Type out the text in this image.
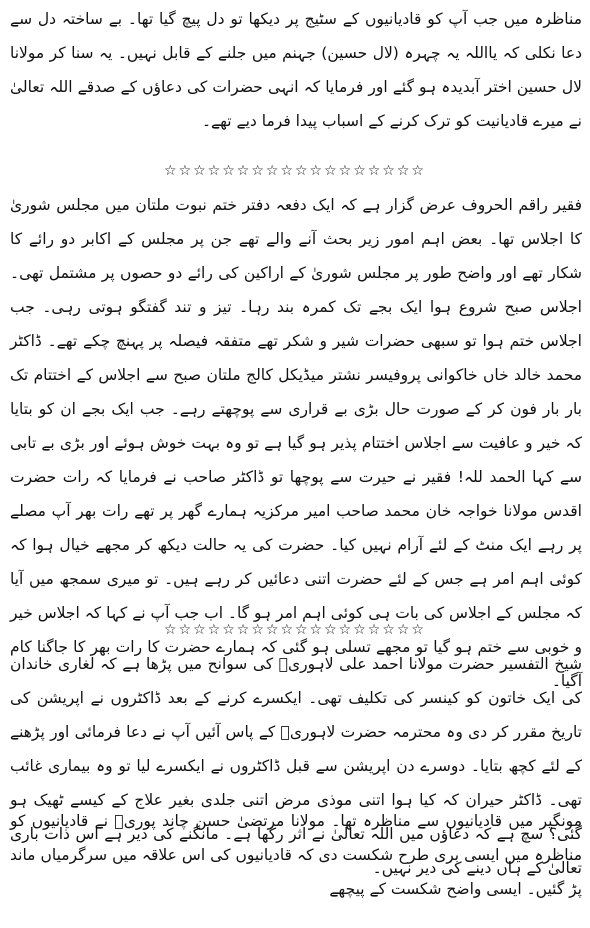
مناظرہ میں جب آپ کو قادیانیوں کے سٹیج پر دیکھا تو دل پیچ گیا تھا۔ بے ساختہ دل سے دعا نکلی کہ یااللہ یہ چہرہ (لال حسین) جہنم میں جلنے کے قابل نہیں۔ یہ سنا کر مولانا لال حسین اختر آبدیدہ ہو گئے اور فرمایا کہ انہی حضرات کی دعاؤں کے صدقے اللہ تعالیٰ نے میرے قادیانیت کو ترک کرنے کے اسباب پیدا فرما دیے تھے۔
☆☆☆☆☆☆☆☆☆☆☆☆☆☆☆☆☆☆
فقیر راقم الحروف عرض گزار ہے کہ ایک دفعہ دفتر ختم نبوت ملتان میں مجلس شوریٰ کا اجلاس تھا۔ بعض اہم امور زیر بحث آنے والے تھے جن پر مجلس کے اکابر دو رائے کا شکار تھے اور واضح طور پر مجلس شوریٰ کے اراکین کی رائے دو حصوں پر مشتمل تھی۔ اجلاس صبح شروع ہوا ایک بجے تک کمرہ بند رہا۔ تیز و تند گفتگو ہوتی رہی۔ جب اجلاس ختم ہوا تو سبھی حضرات شیر و شکر تھے متفقہ فیصلہ پر پہنچ چکے تھے۔ ڈاکٹر محمد خالد خاں خاکوانی پروفیسر نشتر میڈیکل کالج ملتان صبح سے اجلاس کے اختتام تک بار بار فون کر کے صورت حال بڑی بے قراری سے پوچھتے رہے۔ جب ایک بجے ان کو بتایا کہ خیر و عافیت سے اجلاس اختتام پذیر ہو گیا ہے تو وہ بہت خوش ہوئے اور بڑی بے تابی سے کہا الحمد للہ! فقیر نے حیرت سے پوچھا تو ڈاکٹر صاحب نے فرمایا کہ رات حضرت اقدس مولانا خواجہ خان محمد صاحب امیر مرکزیہ ہمارے گھر پر تھے رات بھر آپ مصلے پر رہے ایک منٹ کے لئے آرام نہیں کیا۔ حضرت کی یہ حالت دیکھ کر مجھے خیال ہوا کہ کوئی اہم امر ہے جس کے لئے حضرت اتنی دعائیں کر رہے ہیں۔ تو میری سمجھ میں آیا کہ مجلس کے اجلاس کی بات ہی کوئی اہم امر ہو گا۔ اب جب آپ نے کہا کہ اجلاس خیر و خوبی سے ختم ہو گیا تو مجھے تسلی ہو گئی کہ ہمارے حضرت کا رات بھر کا جاگنا کام آگیا۔
☆☆☆☆☆☆☆☆☆☆☆☆☆☆☆☆☆☆
شیخ التفسیر حضرت مولانا احمد علی لاہوریؒ کی سوانح میں پڑھا ہے کہ لغاری خاندان کی ایک خاتون کو کینسر کی تکلیف تھی۔ ایکسرے کرنے کے بعد ڈاکٹروں نے اپریشن کی تاریخ مقرر کر دی وہ محترمہ حضرت لاہوریؒ کے پاس آئیں آپ نے دعا فرمائی اور پڑھنے کے لئے کچھ بتایا۔ دوسرے دن اپریشن سے قبل ڈاکٹروں نے ایکسرے لیا تو وہ بیماری غائب تھی۔ ڈاکٹر حیران کہ کیا ہوا اتنی موذی مرض اتنی جلدی بغیر علاج کے کیسے ٹھیک ہو گئی؟ سچ ہے کہ دعاؤں میں اللہ تعالیٰ نے اثر رکھا ہے۔ مانگنے کی دیر ہے اس ذات باری تعالیٰ کے ہاں دینے کی دیر نہیں۔
مونگیر میں قادیانیوں سے مناظرہ تھا۔ مولانا مرتضیٰ حسن چاند پوریؒ نے قادیانیوں کو مناظرہ میں ایسی بری طرح شکست دی کہ قادیانیوں کی اس علاقہ میں سرگرمیاں ماند پڑ گئیں۔ ایسی واضح شکست کے پیچھے
